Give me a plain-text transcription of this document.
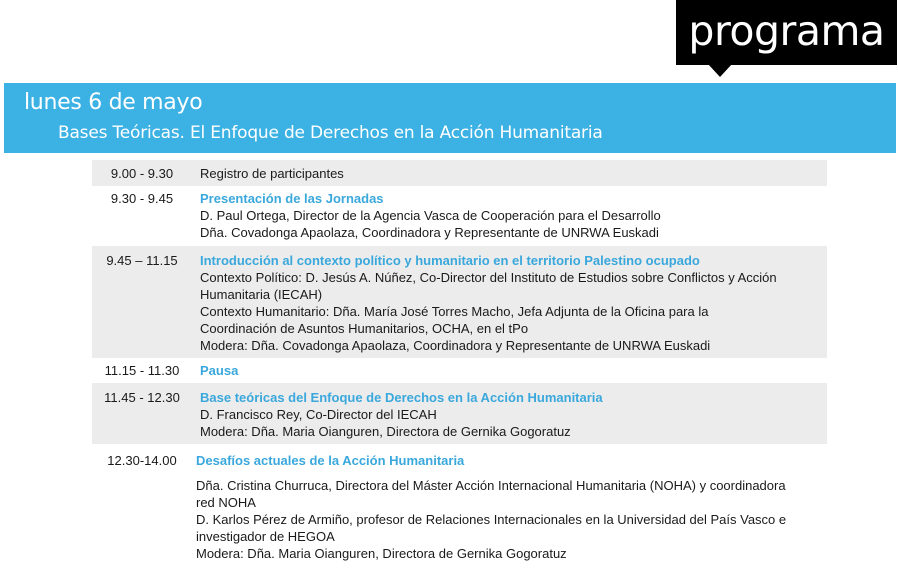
programa
lunes 6 de mayo
Bases Teóricas. El Enfoque de Derechos en la Acción Humanitaria
9.00 - 9.30	Registro de participantes
9.30 - 9.45	Presentación de las Jornadas
D. Paul Ortega, Director de la Agencia Vasca de Cooperación para el Desarrollo
Dña. Covadonga Apaolaza, Coordinadora y Representante de UNRWA Euskadi
9.45 – 11.15	Introducción al contexto político y humanitario en el territorio Palestino ocupado
Contexto Político: D. Jesús A. Núñez, Co-Director del Instituto de Estudios sobre Conflictos y Acción
Humanitaria (IECAH)
Contexto Humanitario: Dña. María José Torres Macho, Jefa Adjunta de la Oficina para la
Coordinación de Asuntos Humanitarios, OCHA, en el tPo
Modera: Dña. Covadonga Apaolaza, Coordinadora y Representante de UNRWA Euskadi
11.15 - 11.30	Pausa
11.45 - 12.30	Base teóricas del Enfoque de Derechos en la Acción Humanitaria
D. Francisco Rey, Co-Director del IECAH
Modera: Dña. Maria Oianguren, Directora de Gernika Gogoratuz
12.30-14.00	Desafíos actuales de la Acción Humanitaria
Dña. Cristina Churruca, Directora del Máster Acción Internacional Humanitaria (NOHA) y coordinadora
red NOHA
D. Karlos Pérez de Armiño, profesor de Relaciones Internacionales en la Universidad del País Vasco e
investigador de HEGOA
Modera: Dña. Maria Oianguren, Directora de Gernika Gogoratuz
